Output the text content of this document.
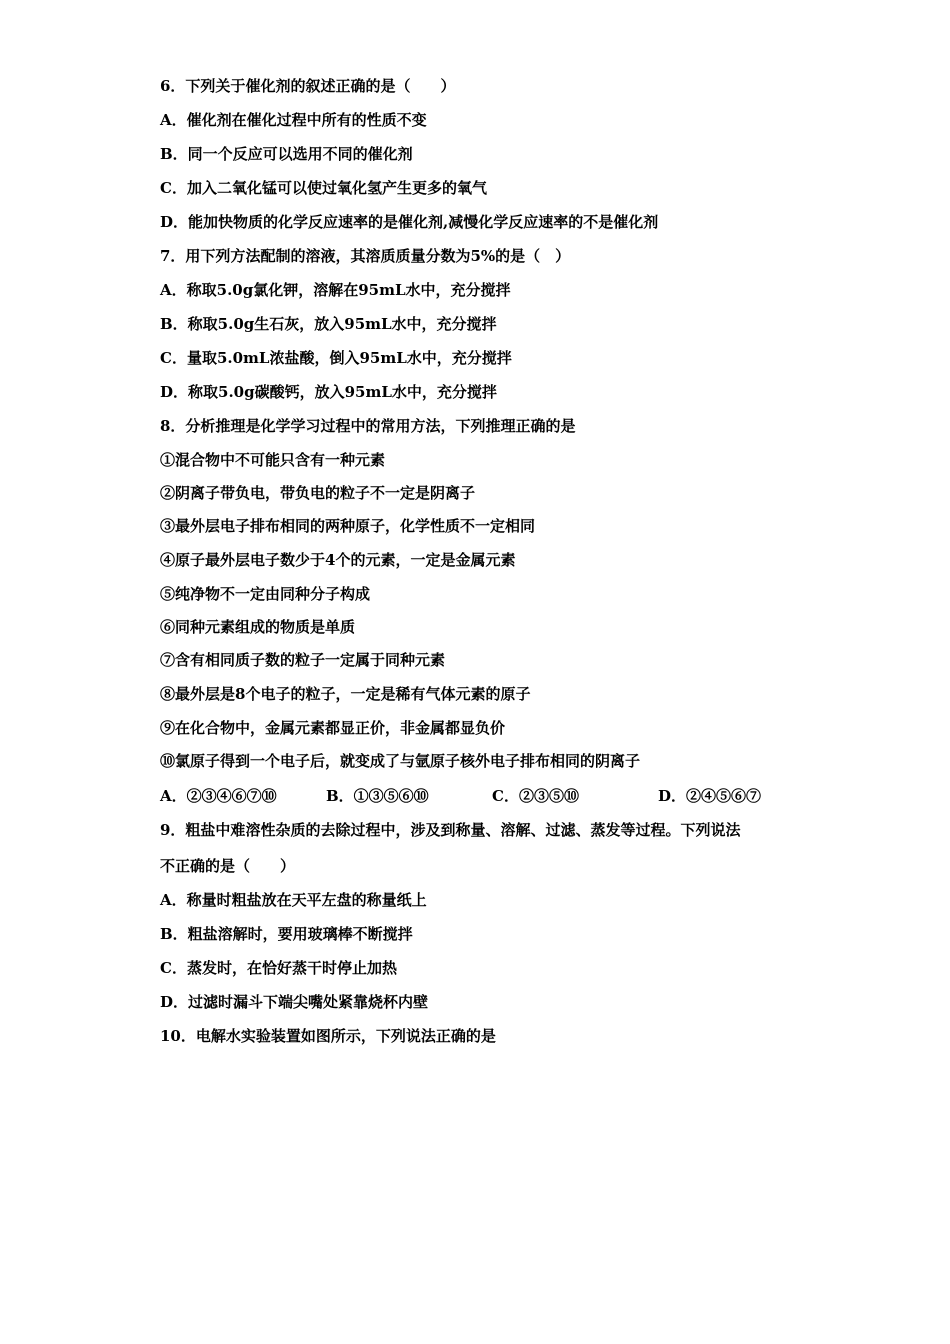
6．下列关于催化剂的叙述正确的是（　　）
A．催化剂在催化过程中所有的性质不变
B．同一个反应可以选用不同的催化剂
C．加入二氧化锰可以使过氧化氢产生更多的氧气
D．能加快物质的化学反应速率的是催化剂,减慢化学反应速率的不是催化剂
7．用下列方法配制的溶液，其溶质质量分数为5%的是（　）
A．称取5.0g氯化钾，溶解在95mL水中，充分搅拌
B．称取5.0g生石灰，放入95mL水中，充分搅拌
C．量取5.0mL浓盐酸，倒入95mL水中，充分搅拌
D．称取5.0g碳酸钙，放入95mL水中，充分搅拌
8．分析推理是化学学习过程中的常用方法，下列推理正确的是
①混合物中不可能只含有一种元素
②阴离子带负电，带负电的粒子不一定是阴离子
③最外层电子排布相同的两种原子，化学性质不一定相同
④原子最外层电子数少于4个的元素，一定是金属元素
⑤纯净物不一定由同种分子构成
⑥同种元素组成的物质是单质
⑦含有相同质子数的粒子一定属于同种元素
⑧最外层是8个电子的粒子，一定是稀有气体元素的原子
⑨在化合物中，金属元素都显正价，非金属都显负价
⑩氯原子得到一个电子后，就变成了与氩原子核外电子排布相同的阴离子
A．②③④⑥⑦⑩	B．①③⑤⑥⑩	C．②③⑤⑩	D．②④⑤⑥⑦
9．粗盐中难溶性杂质的去除过程中，涉及到称量、溶解、过滤、蒸发等过程。下列说法
不正确的是（　　）
A．称量时粗盐放在天平左盘的称量纸上
B．粗盐溶解时，要用玻璃棒不断搅拌
C．蒸发时，在恰好蒸干时停止加热
D．过滤时漏斗下端尖嘴处紧靠烧杯内壁
10．电解水实验装置如图所示，下列说法正确的是
